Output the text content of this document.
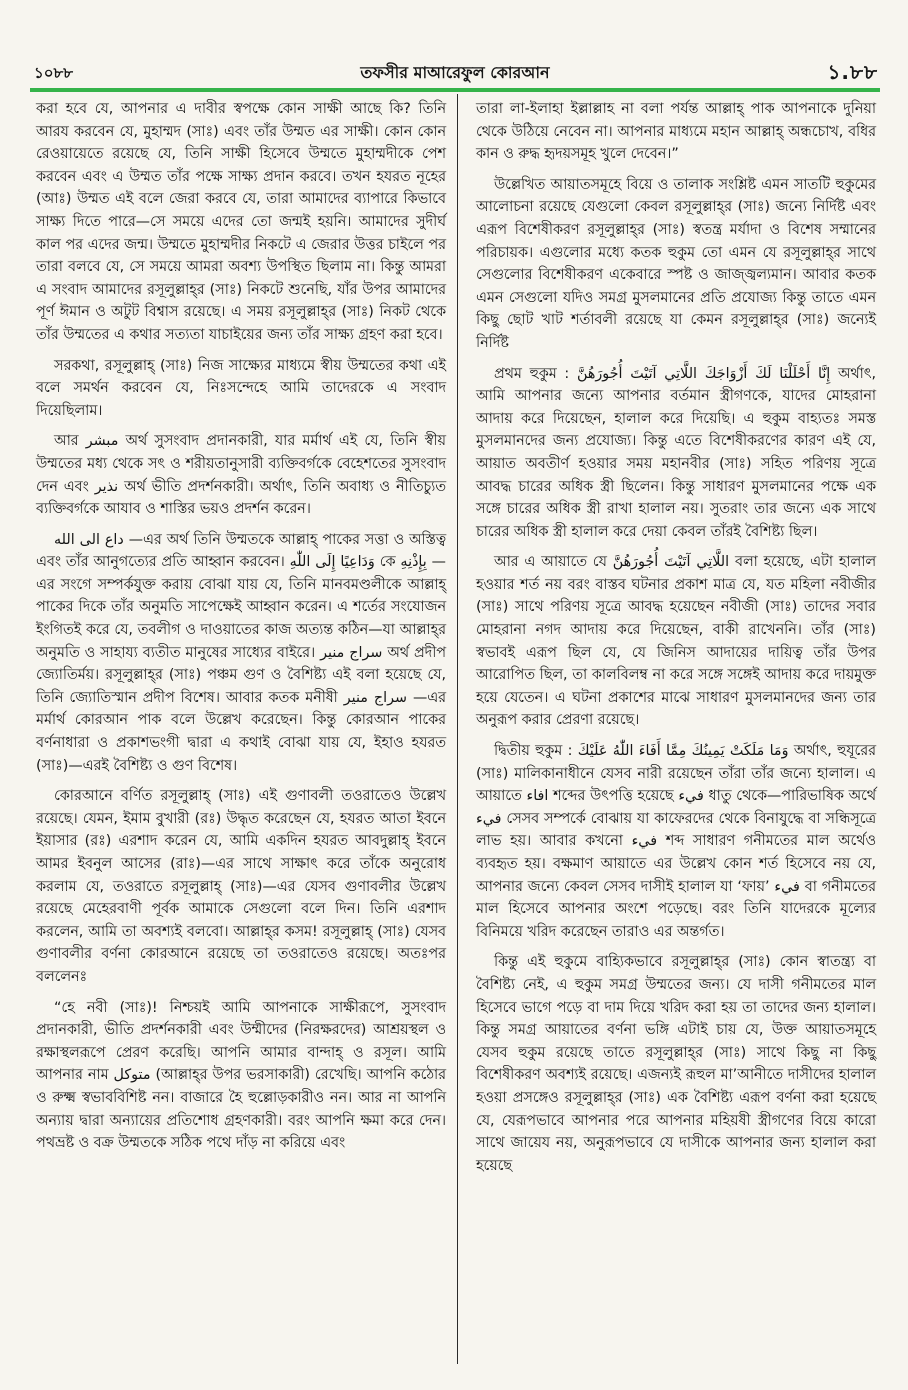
১০৮৮	তফসীর মাআরেফুল কোরআন	১.৮৮

করা হবে যে, আপনার এ দাবীর স্বপক্ষে কোন সাক্ষী আছে কি? তিনি আরয করবেন যে, মুহাম্মদ (সাঃ) এবং তাঁর উম্মত এর সাক্ষী। কোন কোন রেওয়ায়েতে রয়েছে যে, তিনি সাক্ষী হিসেবে উম্মতে মুহাম্মদীকে পেশ করবেন এবং এ উম্মত তাঁর পক্ষে সাক্ষ্য প্রদান করবে। তখন হযরত নূহের (আঃ) উম্মত এই বলে জেরা করবে যে, তারা আমাদের ব্যাপারে কিভাবে সাক্ষ্য দিতে পারে—সে সময়ে এদের তো জন্মই হয়নি। আমাদের সুদীর্ঘ কাল পর এদের জন্ম। উম্মতে মুহাম্মদীর নিকটে এ জেরার উত্তর চাইলে পর তারা বলবে যে, সে সময়ে আমরা অবশ্য উপস্থিত ছিলাম না। কিন্তু আমরা এ সংবাদ আমাদের রসূলুল্লাহ্‌র (সাঃ) নিকটে শুনেছি, যাঁর উপর আমাদের পূর্ণ ঈমান ও অটুট বিশ্বাস রয়েছে। এ সময় রসূলুল্লাহ্‌র (সাঃ) নিকট থেকে তাঁর উম্মতের এ কথার সত্যতা যাচাইয়ের জন্য তাঁর সাক্ষ্য গ্রহণ করা হবে।

সরকথা, রসূলুল্লাহ্ (সাঃ) নিজ সাক্ষ্যের মাধ্যমে স্বীয় উম্মতের কথা এই বলে সমর্থন করবেন যে, নিঃসন্দেহে আমি তাদেরকে এ সংবাদ দিয়েছিলাম।

আর مبشر অর্থ সুসংবাদ প্রদানকারী, যার মর্মার্থ এই যে, তিনি স্বীয় উম্মতের মধ্য থেকে সৎ ও শরীয়তানুসারী ব্যক্তিবর্গকে বেহেশতের সুসংবাদ দেন এবং نذير অর্থ ভীতি প্রদর্শনকারী। অর্থাৎ, তিনি অবাধ্য ও নীতিচ্যুত ব্যক্তিবর্গকে আযাব ও শাস্তির ভয়ও প্রদর্শন করেন।

داع الى الله —এর অর্থ তিনি উম্মতকে আল্লাহ্ পাকের সত্তা ও অস্তিত্ব এবং তাঁর আনুগত্যের প্রতি আহ্বান করবেন। وَدَاعِيًا إِلَى اللّٰهِ কে بِإِذْنِهِ —এর সংগে সম্পর্কযুক্ত করায় বোঝা যায় যে, তিনি মানবমণ্ডলীকে আল্লাহ্ পাকের দিকে তাঁর অনুমতি সাপেক্ষেই আহ্বান করেন। এ শর্তের সংযোজন ইংগিতই করে যে, তবলীগ ও দাওয়াতের কাজ অত্যন্ত কঠিন—যা আল্লাহ্‌র অনুমতি ও সাহায্য ব্যতীত মানুষের সাধ্যের বাইরে। سراج منير অর্থ প্রদীপ জ্যোতির্ময়। রসূলুল্লাহ্‌র (সাঃ) পঞ্চম গুণ ও বৈশিষ্ট্য এই বলা হয়েছে যে, তিনি জ্যোতিস্মান প্রদীপ বিশেষ। আবার কতক মনীষী سراج منير —এর মর্মার্থ কোরআন পাক বলে উল্লেখ করেছেন। কিন্তু কোরআন পাকের বর্ণনাধারা ও প্রকাশভংগী দ্বারা এ কথাই বোঝা যায় যে, ইহাও হযরত (সাঃ)—এরই বৈশিষ্ট্য ও গুণ বিশেষ।

কোরআনে বর্ণিত রসূলুল্লাহ্ (সাঃ) এই গুণাবলী তওরাতেও উল্লেখ রয়েছে। যেমন, ইমাম বুখারী (রঃ) উদ্ধৃত করেছেন যে, হযরত আতা ইবনে ইয়াসার (রঃ) এরশাদ করেন যে, আমি একদিন হযরত আবদুল্লাহ্ ইবনে আমর ইবনুল আসের (রাঃ)—এর সাথে সাক্ষাৎ করে তাঁকে অনুরোধ করলাম যে, তওরাতে রসূলুল্লাহ্ (সাঃ)—এর যেসব গুণাবলীর উল্লেখ রয়েছে মেহেরবাণী পূর্বক আমাকে সেগুলো বলে দিন। তিনি এরশাদ করলেন, আমি তা অবশ্যই বলবো। আল্লাহ্‌র কসম! রসূলুল্লাহ্ (সাঃ) যেসব গুণাবলীর বর্ণনা কোরআনে রয়েছে তা তওরাতেও রয়েছে। অতঃপর বললেনঃ

“হে নবী (সাঃ)! নিশ্চয়ই আমি আপনাকে সাক্ষীরূপে, সুসংবাদ প্রদানকারী, ভীতি প্রদর্শনকারী এবং উম্মীদের (নিরক্ষরদের) আশ্রয়স্থল ও রক্ষাস্থলরূপে প্রেরণ করেছি। আপনি আমার বান্দাহ্ ও রসূল। আমি আপনার নাম متوكل (আল্লাহ্‌র উপর ভরসাকারী) রেখেছি। আপনি কঠোর ও রুক্ষ্ম স্বভাববিশিষ্ট নন। বাজারে হৈ হুল্লোড়কারীও নন। আর না আপনি অন্যায় দ্বারা অন্যায়ের প্রতিশোধ গ্রহণকারী। বরং আপনি ক্ষমা করে দেন। পথভ্রষ্ট ও বক্র উম্মতকে সঠিক পথে দাঁড় না করিয়ে এবং

তারা লা-ইলাহা ইল্লাল্লাহ না বলা পর্যন্ত আল্লাহ্ পাক আপনাকে দুনিয়া থেকে উঠিয়ে নেবেন না। আপনার মাধ্যমে মহান আল্লাহ্ অন্ধচোখ, বধির কান ও রুদ্ধ হৃদয়সমূহ খুলে দেবেন।”

উল্লেখিত আয়াতসমূহে বিয়ে ও তালাক সংশ্লিষ্ট এমন সাতটি হুকুমের আলোচনা রয়েছে যেগুলো কেবল রসূলুল্লাহ্‌র (সাঃ) জন্যে নির্দিষ্ট এবং এরূপ বিশেষীকরণ রসূলুল্লাহ্‌র (সাঃ) স্বতন্ত্র মর্যাদা ও বিশেষ সম্মানের পরিচায়ক। এগুলোর মধ্যে কতক হুকুম তো এমন যে রসূলুল্লাহ্‌র সাথে সেগুলোর বিশেষীকরণ একেবারে স্পষ্ট ও জাজ্জ্বল্যমান। আবার কতক এমন সেগুলো যদিও সমগ্র মুসলমানের প্রতি প্রযোজ্য কিন্তু তাতে এমন কিছু ছোট খাট শর্তাবলী রয়েছে যা কেমন রসূলুল্লাহ্‌র (সাঃ) জন্যেই নির্দিষ্ট

প্রথম হুকুম : إِنَّا أَحْلَلْنَا لَكَ أَزْوَاجَكَ اللَّاتِي آتَيْتَ أُجُورَهُنَّ অর্থাৎ, আমি আপনার জন্যে আপনার বর্তমান স্ত্রীগণকে, যাদের মোহরানা আদায় করে দিয়েছেন, হালাল করে দিয়েছি। এ হুকুম বাহ্যতঃ সমস্ত মুসলমানদের জন্য প্রযোজ্য। কিন্তু এতে বিশেষীকরণের কারণ এই যে, আয়াত অবতীর্ণ হওয়ার সময় মহানবীর (সাঃ) সহিত পরিণয় সূত্রে আবদ্ধ চারের অধিক স্ত্রী ছিলেন। কিন্তু সাধারণ মুসলমানের পক্ষে এক সঙ্গে চারের অধিক স্ত্রী রাখা হালাল নয়। সুতরাং তার জন্যে এক সাথে চারের অধিক স্ত্রী হালাল করে দেয়া কেবল তাঁরই বৈশিষ্ট্য ছিল।

আর এ আয়াতে যে اللَّاتِي آتَيْتَ أُجُورَهُنَّ বলা হয়েছে, এটা হালাল হওয়ার শর্ত নয় বরং বাস্তব ঘটনার প্রকাশ মাত্র যে, যত মহিলা নবীজীর (সাঃ) সাথে পরিণয় সূত্রে আবদ্ধ হয়েছেন নবীজী (সাঃ) তাদের সবার মোহরানা নগদ আদায় করে দিয়েছেন, বাকী রাখেননি। তাঁর (সাঃ) স্বভাবই এরূপ ছিল যে, যে জিনিস আদায়ের দায়িত্ব তাঁর উপর আরোপিত ছিল, তা কালবিলম্ব না করে সঙ্গে সঙ্গেই আদায় করে দায়মুক্ত হয়ে যেতেন। এ ঘটনা প্রকাশের মাঝে সাধারণ মুসলমানদের জন্য তার অনুরূপ করার প্রেরণা রয়েছে।

দ্বিতীয় হুকুম : وَمَا مَلَكَتْ يَمِينُكَ مِمَّا أَفَاءَ اللّٰهُ عَلَيْكَ অর্থাৎ, হুযূরের (সাঃ) মালিকানাধীনে যেসব নারী রয়েছেন তাঁরা তাঁর জন্যে হালাল। এ আয়াতে افاء শব্দের উৎপত্তি হয়েছে فيء ধাতু থেকে—পারিভাষিক অর্থে فيء সেসব সম্পর্কে বোঝায় যা কাফেরদের থেকে বিনাযুদ্ধে বা সন্ধিসূত্রে লাভ হয়। আবার কখনো فيء শব্দ সাধারণ গনীমতের মাল অর্থেও ব্যবহৃত হয়। বক্ষমাণ আয়াতে এর উল্লেখ কোন শর্ত হিসেবে নয় যে, আপনার জন্যে কেবল সেসব দাসীই হালাল যা ‘ফায়’ فيء বা গনীমতের মাল হিসেবে আপনার অংশে পড়েছে। বরং তিনি যাদেরকে মূল্যের বিনিময়ে খরিদ করেছেন তারাও এর অন্তর্গত।

কিন্তু এই হুকুমে বাহ্যিকভাবে রসূলুল্লাহ্‌র (সাঃ) কোন স্বাতন্ত্র্য বা বৈশিষ্ট্য নেই, এ হুকুম সমগ্র উম্মতের জন্য। যে দাসী গনীমতের মাল হিসেবে ভাগে পড়ে বা দাম দিয়ে খরিদ করা হয় তা তাদের জন্য হালাল। কিন্তু সমগ্র আয়াতের বর্ণনা ভঙ্গি এটাই চায় যে, উক্ত আয়াতসমূহে যেসব হুকুম রয়েছে তাতে রসূলুল্লাহ্‌র (সাঃ) সাথে কিছু না কিছু বিশেষীকরণ অবশ্যই রয়েছে। এজন্যই রূহুল মা’আনীতে দাসীদের হালাল হওয়া প্রসঙ্গেও রসূলুল্লাহ্‌র (সাঃ) এক বৈশিষ্ট্য এরূপ বর্ণনা করা হয়েছে যে, যেরূপভাবে আপনার পরে আপনার মহিয়ষী স্ত্রীগণের বিয়ে কারো সাথে জায়েয নয়, অনুরূপভাবে যে দাসীকে আপনার জন্য হালাল করা হয়েছে
